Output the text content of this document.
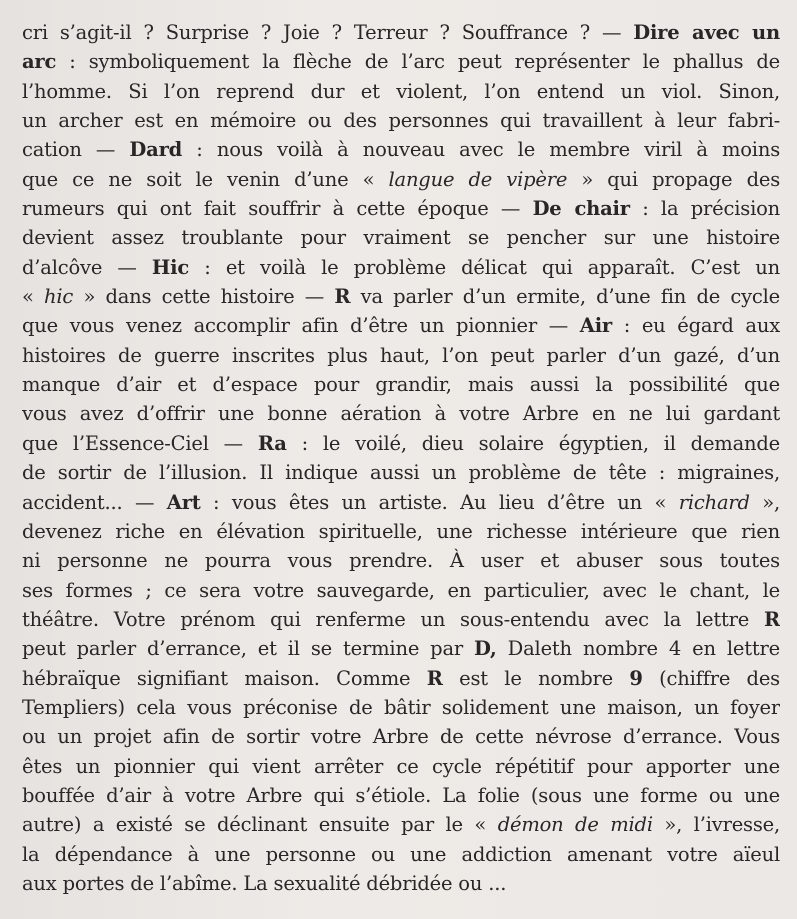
cri s’agit-il ? Surprise ? Joie ? Terreur ? Souffrance ? — Dire avec un
arc : symboliquement la flèche de l’arc peut représenter le phallus de
l’homme. Si l’on reprend dur et violent, l’on entend un viol. Sinon,
un archer est en mémoire ou des personnes qui travaillent à leur fabri-
cation — Dard : nous voilà à nouveau avec le membre viril à moins
que ce ne soit le venin d’une « langue de vipère » qui propage des
rumeurs qui ont fait souffrir à cette époque — De chair : la précision
devient assez troublante pour vraiment se pencher sur une histoire
d’alcôve — Hic : et voilà le problème délicat qui apparaît. C’est un
« hic » dans cette histoire — R va parler d’un ermite, d’une fin de cycle
que vous venez accomplir afin d’être un pionnier — Air : eu égard aux
histoires de guerre inscrites plus haut, l’on peut parler d’un gazé, d’un
manque d’air et d’espace pour grandir, mais aussi la possibilité que
vous avez d’offrir une bonne aération à votre Arbre en ne lui gardant
que l’Essence-Ciel — Ra : le voilé, dieu solaire égyptien, il demande
de sortir de l’illusion. Il indique aussi un problème de tête : migraines,
accident... — Art : vous êtes un artiste. Au lieu d’être un « richard »,
devenez riche en élévation spirituelle, une richesse intérieure que rien
ni personne ne pourra vous prendre. À user et abuser sous toutes
ses formes ; ce sera votre sauvegarde, en particulier, avec le chant, le
théâtre. Votre prénom qui renferme un sous-entendu avec la lettre R
peut parler d’errance, et il se termine par D, Daleth nombre 4 en lettre
hébraïque signifiant maison. Comme R est le nombre 9 (chiffre des
Templiers) cela vous préconise de bâtir solidement une maison, un foyer
ou un projet afin de sortir votre Arbre de cette névrose d’errance. Vous
êtes un pionnier qui vient arrêter ce cycle répétitif pour apporter une
bouffée d’air à votre Arbre qui s’étiole. La folie (sous une forme ou une
autre) a existé se déclinant ensuite par le « démon de midi », l’ivresse,
la dépendance à une personne ou une addiction amenant votre aïeul
aux portes de l’abîme. La sexualité débridée ou ...
